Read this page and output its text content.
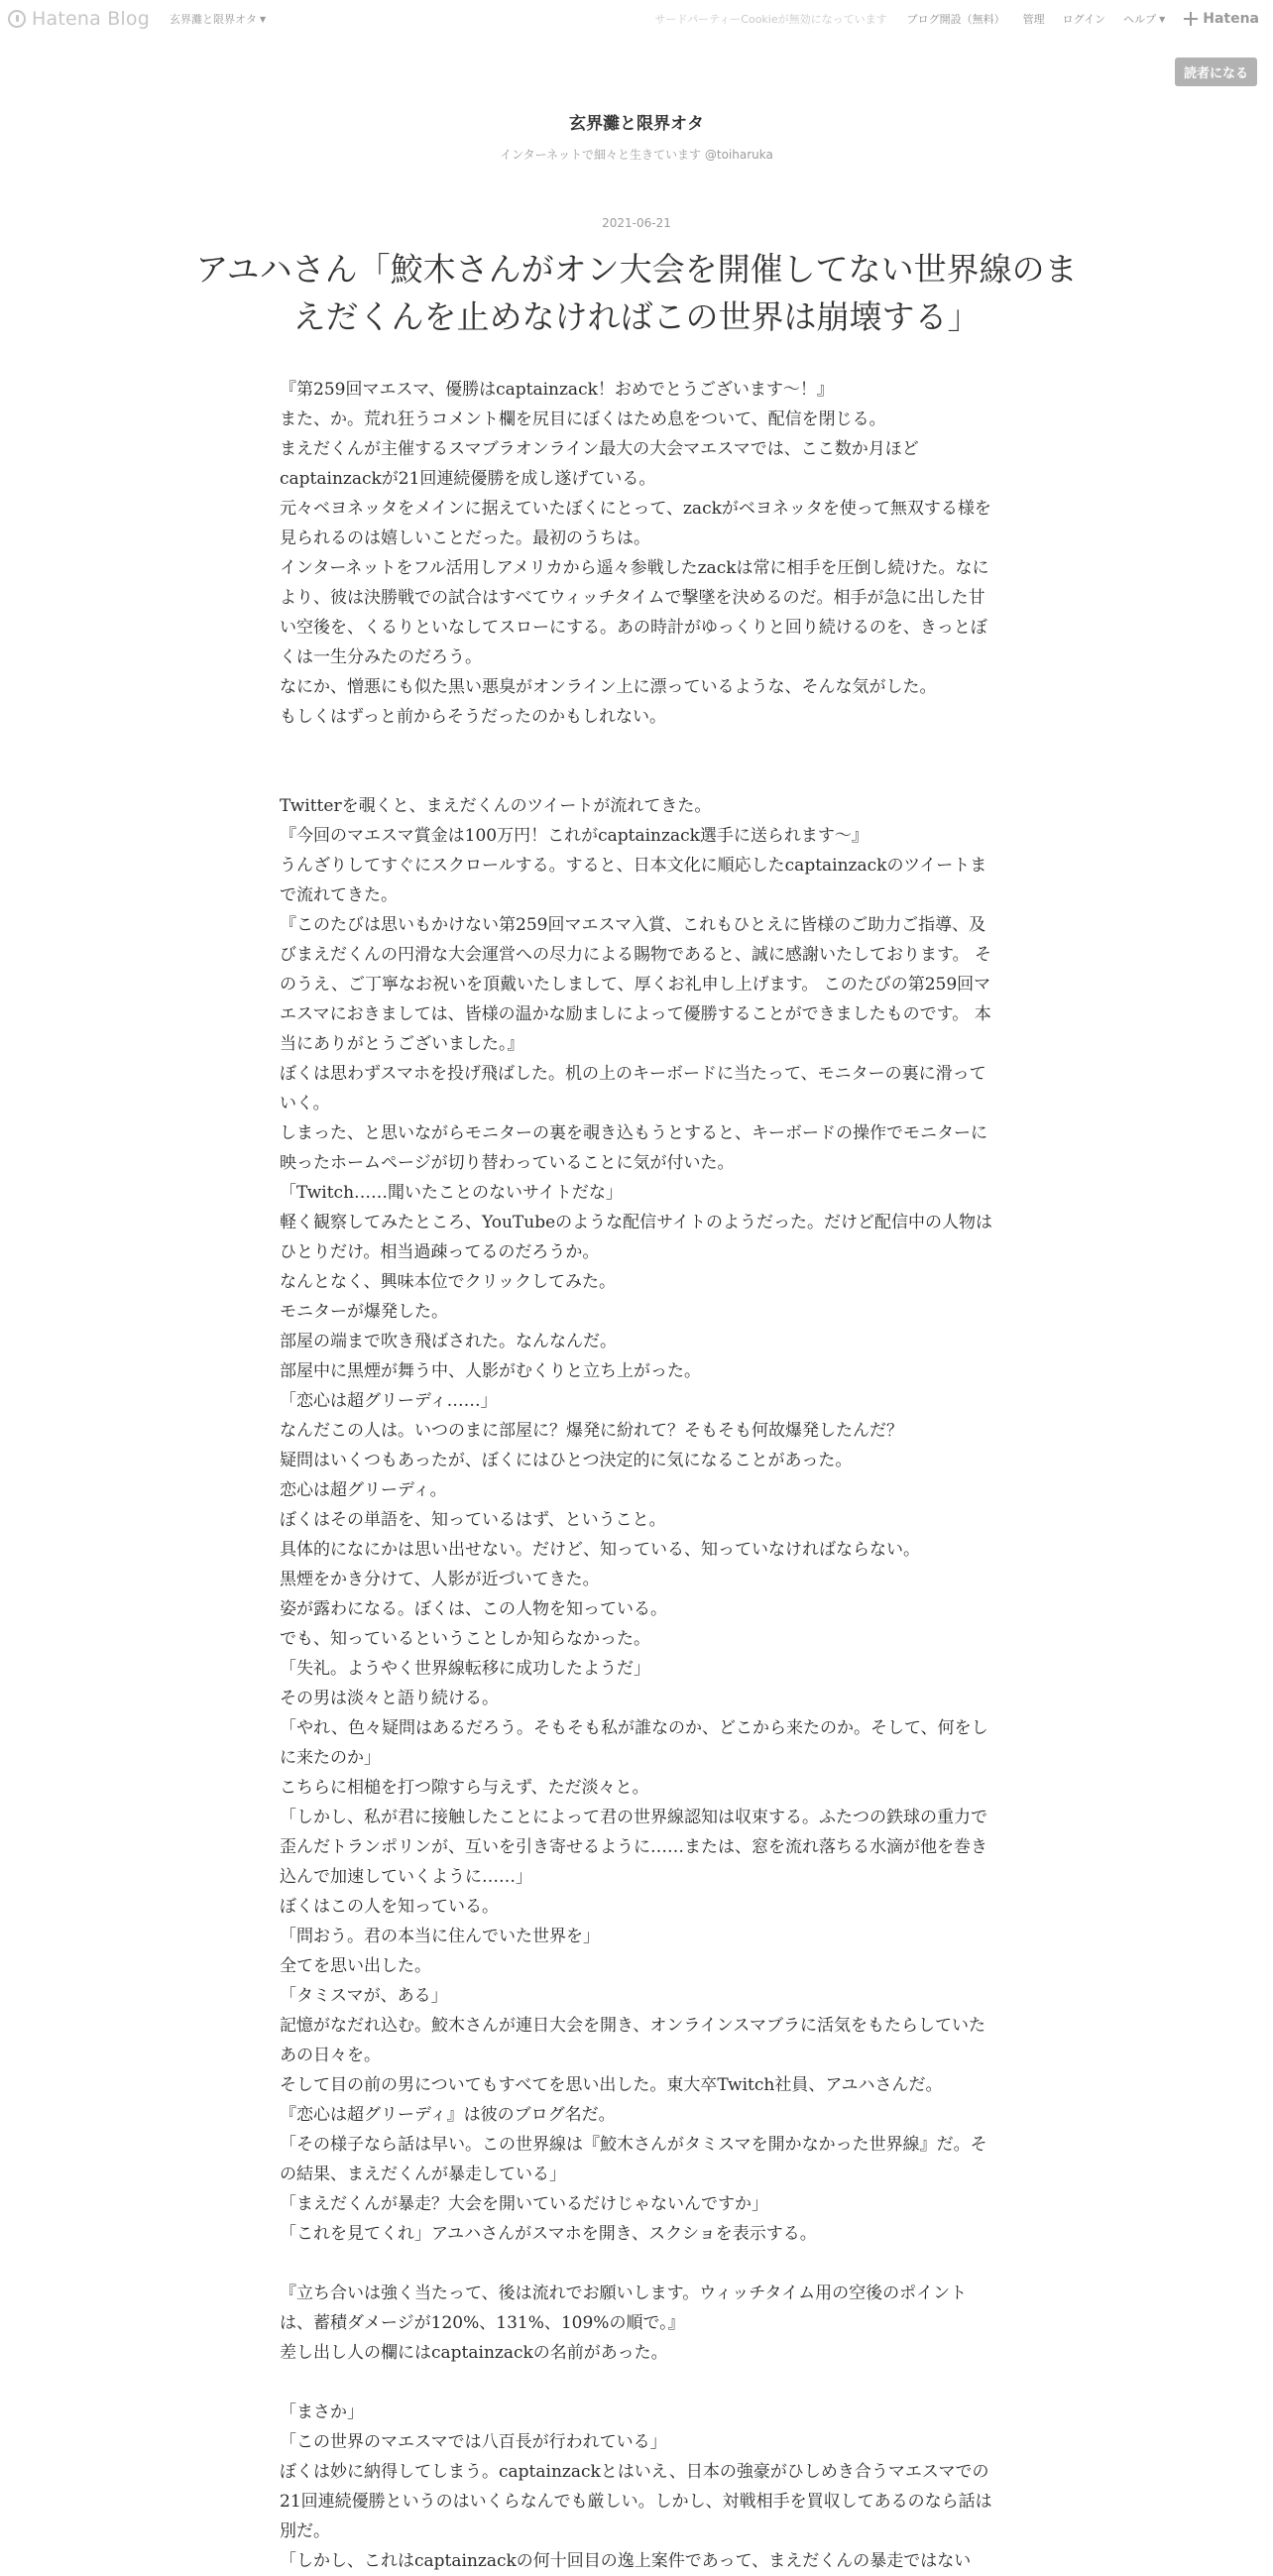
Hatena Blog 玄界灘と限界オタ ▼	サードパーティーCookieが無効になっています ブログ開設（無料） 管理 ログイン ヘルプ ▼	Hatena
読者になる
玄界灘と限界オタ
インターネットで細々と生きています @toiharuka
2021-06-21
アユハさん「鮫木さんがオン大会を開催してない世界線のまえだくんを止めなければこの世界は崩壊する」

『第259回マエスマ、優勝はcaptainzack！おめでとうございます～！』

また、か。荒れ狂うコメント欄を尻目にぼくはため息をついて、配信を閉じる。

まえだくんが主催するスマブラオンライン最大の大会マエスマでは、ここ数か月ほどcaptainzackが21回連続優勝を成し遂げている。

元々ベヨネッタをメインに据えていたぼくにとって、zackがベヨネッタを使って無双する様を見られるのは嬉しいことだった。最初のうちは。

インターネットをフル活用しアメリカから遥々参戦したzackは常に相手を圧倒し続けた。なにより、彼は決勝戦での試合はすべてウィッチタイムで撃墜を決めるのだ。相手が急に出した甘い空後を、くるりといなしてスローにする。あの時計がゆっくりと回り続けるのを、きっとぼくは一生分みたのだろう。

なにか、憎悪にも似た黒い悪臭がオンライン上に漂っているような、そんな気がした。

もしくはずっと前からそうだったのかもしれない。

Twitterを覗くと、まえだくんのツイートが流れてきた。

『今回のマエスマ賞金は100万円！これがcaptainzack選手に送られます～』

うんざりしてすぐにスクロールする。すると、日本文化に順応したcaptainzackのツイートまで流れてきた。

『このたびは思いもかけない第259回マエスマ入賞、これもひとえに皆様のご助力ご指導、及びまえだくんの円滑な大会運営への尽力による賜物であると、誠に感謝いたしております。 そのうえ、ご丁寧なお祝いを頂戴いたしまして、厚くお礼申し上げます。 このたびの第259回マエスマにおきましては、皆様の温かな励ましによって優勝することができましたものです。 本当にありがとうございました。』

ぼくは思わずスマホを投げ飛ばした。机の上のキーボードに当たって、モニターの裏に滑っていく。

しまった、と思いながらモニターの裏を覗き込もうとすると、キーボードの操作でモニターに映ったホームページが切り替わっていることに気が付いた。

「Twitch……聞いたことのないサイトだな」

軽く観察してみたところ、YouTubeのような配信サイトのようだった。だけど配信中の人物はひとりだけ。相当過疎ってるのだろうか。

なんとなく、興味本位でクリックしてみた。

モニターが爆発した。

部屋の端まで吹き飛ばされた。なんなんだ。

部屋中に黒煙が舞う中、人影がむくりと立ち上がった。

「恋心は超グリーディ……」

なんだこの人は。いつのまに部屋に？爆発に紛れて？そもそも何故爆発したんだ？

疑問はいくつもあったが、ぼくにはひとつ決定的に気になることがあった。

恋心は超グリーディ。

ぼくはその単語を、知っているはず、ということ。

具体的になにかは思い出せない。だけど、知っている、知っていなければならない。

黒煙をかき分けて、人影が近づいてきた。

姿が露わになる。ぼくは、この人物を知っている。

でも、知っているということしか知らなかった。

「失礼。ようやく世界線転移に成功したようだ」

その男は淡々と語り続ける。

「やれ、色々疑問はあるだろう。そもそも私が誰なのか、どこから来たのか。そして、何をしに来たのか」

こちらに相槌を打つ隙すら与えず、ただ淡々と。

「しかし、私が君に接触したことによって君の世界線認知は収束する。ふたつの鉄球の重力で歪んだトランポリンが、互いを引き寄せるように……または、窓を流れ落ちる水滴が他を巻き込んで加速していくように……」

ぼくはこの人を知っている。

「問おう。君の本当に住んでいた世界を」

全てを思い出した。

「タミスマが、ある」

記憶がなだれ込む。鮫木さんが連日大会を開き、オンラインスマブラに活気をもたらしていたあの日々を。

そして目の前の男についてもすべてを思い出した。東大卒Twitch社員、アユハさんだ。

『恋心は超グリーディ』は彼のブログ名だ。

「その様子なら話は早い。この世界線は『鮫木さんがタミスマを開かなかった世界線』だ。その結果、まえだくんが暴走している」

「まえだくんが暴走？大会を開いているだけじゃないんですか」

「これを見てくれ」アユハさんがスマホを開き、スクショを表示する。

『立ち合いは強く当たって、後は流れでお願いします。ウィッチタイム用の空後のポイントは、蓄積ダメージが120%、131%、109%の順で。』

差し出し人の欄にはcaptainzackの名前があった。

「まさか」

「この世界のマエスマでは八百長が行われている」

ぼくは妙に納得してしまう。captainzackとはいえ、日本の強豪がひしめき合うマエスマでの21回連続優勝というのはいくらなんでも厳しい。しかし、対戦相手を買収してあるのなら話は別だ。

「しかし、これはcaptainzackの何十回目の逸上案件であって、まえだくんの暴走ではない
